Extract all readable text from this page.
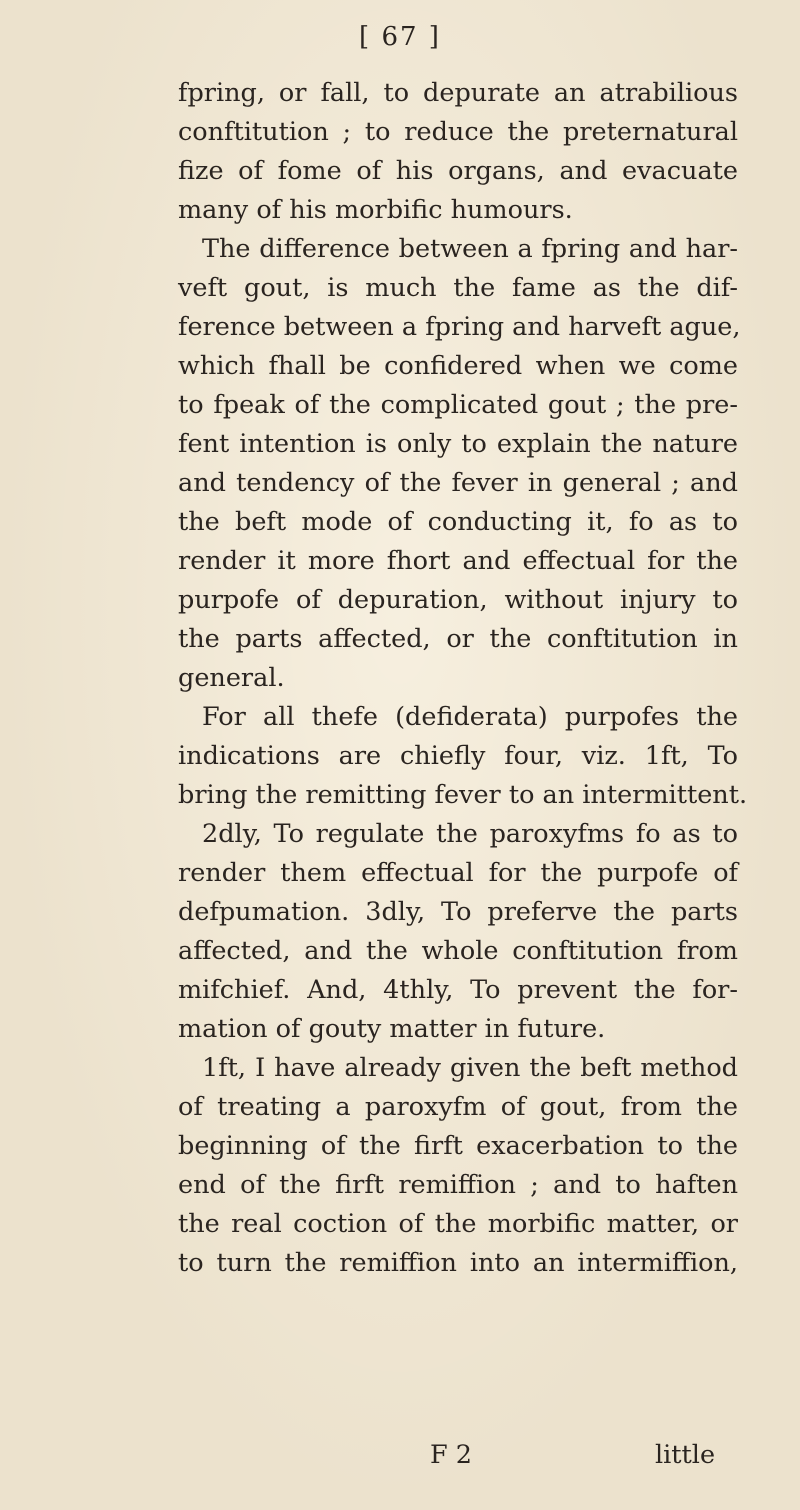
[ 67 ]
fpring, or fall, to depurate an atrabilious
conftitution ; to reduce the preternatural
fize of fome of his organs, and evacuate
many of his morbific humours.
The difference between a fpring and har-
veft gout, is much the fame as the dif-
ference between a fpring and harveft ague,
which fhall be confidered when we come
to fpeak of the complicated gout ; the pre-
fent intention is only to explain the nature
and tendency of the fever in general ; and
the beft mode of conducting it, fo as to
render it more fhort and effectual for the
purpofe of depuration, without injury to
the parts affected, or the conftitution in
general.
For all thefe (defiderata) purpofes the
indications are chiefly four, viz. 1ft, To
bring the remitting fever to an intermittent.
2dly, To regulate the paroxyfms fo as to
render them effectual for the purpofe of
defpumation. 3dly, To preferve the parts
affected, and the whole conftitution from
mifchief. And, 4thly, To prevent the for-
mation of gouty matter in future.
1ft, I have already given the beft method
of treating a paroxyfm of gout, from the
beginning of the firft exacerbation to the
end of the firft remiffion ; and to haften
the real coction of the morbific matter, or
to turn the remiffion into an intermiffion,
F 2	little
